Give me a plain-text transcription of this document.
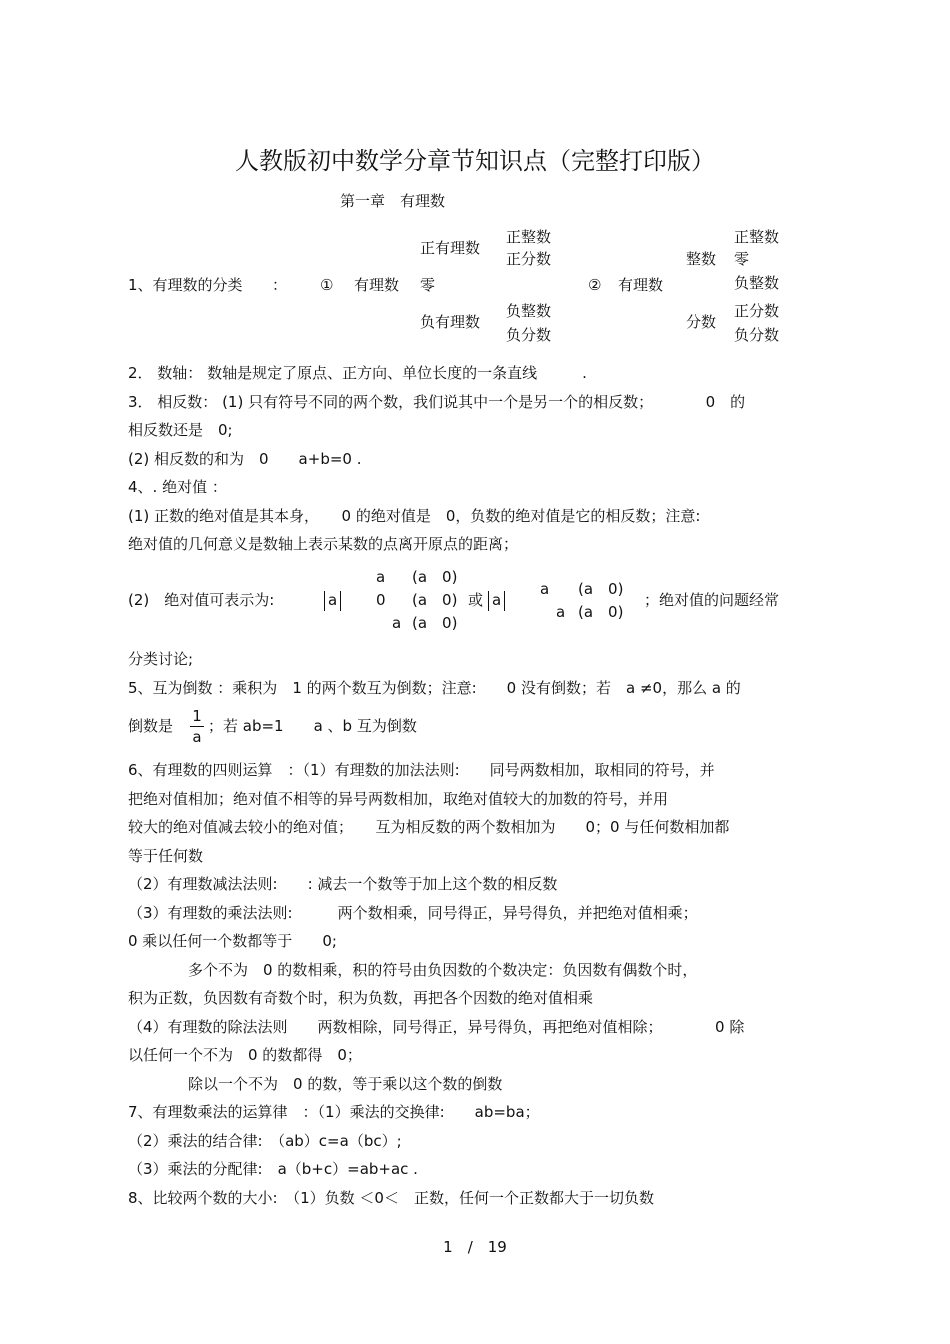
人教版初中数学分章节知识点（完整打印版）
第一章　有理数
1、有理数的分类 ： ① 有理数
正有理数
正整数
正分数
零
负有理数
负整数
负分数
② 有理数
整数
正整数
零
负整数
分数
正分数
负分数

2． 数轴： 数轴是规定了原点、正方向、单位长度的一条直线　　　.

3． 相反数： (1) 只有符号不同的两个数，我们说其中一个是另一个的相反数；　　　　0　的

相反数还是　0;

(2) 相反数的和为　0　　a+b=0 .

4、. 绝对值 ：

(1) 正数的绝对值是其本身，　　0 的绝对值是　0，负数的绝对值是它的相反数；注意:

绝对值的几何意义是数轴上表示某数的点离开原点的距离；

(2)　绝对值可表示为:	a
a (a　0)
0 (a　0)
a (a　0)
或 a
a (a　0)
a (a　0)
；绝对值的问题经常

分类讨论;

5、互为倒数 ：乘积为　1 的两个数互为倒数；注意:　　0 没有倒数；若　a ≠0，那么 a 的

倒数是
1
a
；若 ab=1　　a 、b 互为倒数

6、有理数的四则运算　：（1）有理数的加法法则:　　同号两数相加，取相同的符号，并

把绝对值相加；绝对值不相等的异号两数相加，取绝对值较大的加数的符号，并用

较大的绝对值减去较小的绝对值；　　互为相反数的两个数相加为　　0；0 与任何数相加都

等于任何数

（2）有理数减法法则:　　: 减去一个数等于加上这个数的相反数

（3）有理数的乘法法则:　　　两个数相乘，同号得正，异号得负，并把绝对值相乘；

0 乘以任何一个数都等于　　0;

　　　　多个不为　0 的数相乘，积的符号由负因数的个数决定：负因数有偶数个时，

积为正数，负因数有奇数个时，积为负数，再把各个因数的绝对值相乘

（4）有理数的除法法则　　两数相除，同号得正，异号得负，再把绝对值相除；　　　　0 除

以任何一个不为　0 的数都得　0；

　　　　除以一个不为　0 的数，等于乘以这个数的倒数

7、有理数乘法的运算律　：（1）乘法的交换律:　　ab=ba；

（2）乘法的结合律:　（ab）c=a（bc）;

（3）乘法的分配律:　a（b+c）=ab+ac .

8、比较两个数的大小:　（1）负数 ＜0＜　正数，任何一个正数都大于一切负数

1　/　19
